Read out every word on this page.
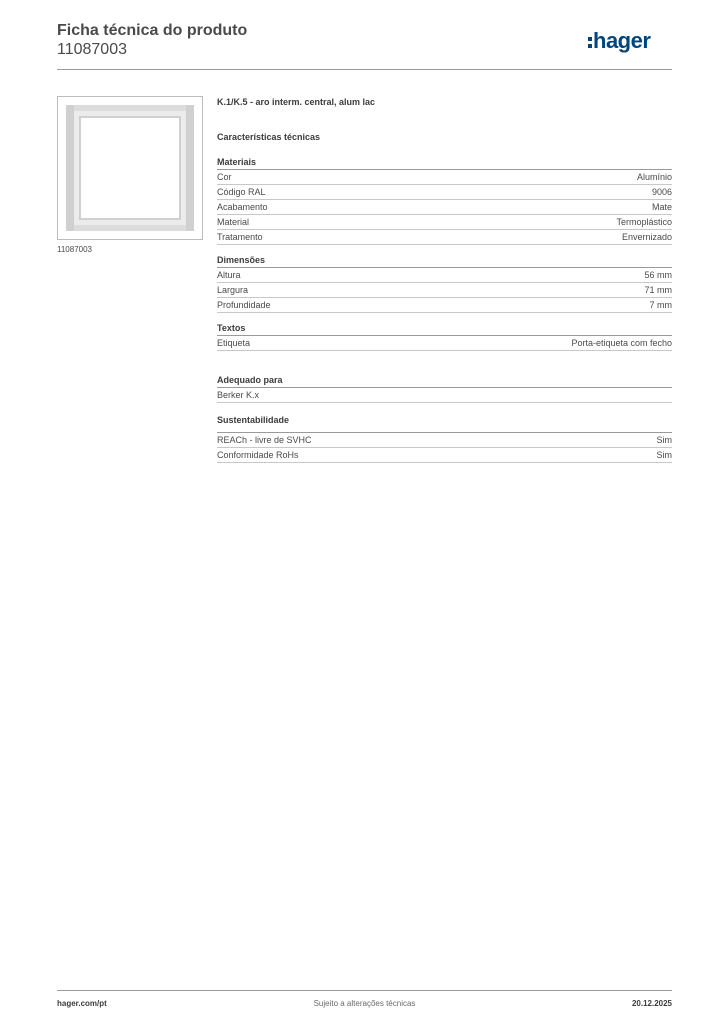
Ficha técnica do produto
11087003	hager
11087003
K.1/K.5 - aro interm. central, alum lac
Características técnicas
Materiais
Cor	Alumínio
Código RAL	9006
Acabamento	Mate
Material	Termoplástico
Tratamento	Envernizado
Dimensões
Altura	56 mm
Largura	71 mm
Profundidade	7 mm
Textos
Etiqueta	Porta-etiqueta com fecho
Adequado para
Berker K.x
Sustentabilidade
REACh - livre de SVHC	Sim
Conformidade RoHs	Sim
hager.com/pt	Sujeito a alterações técnicas	20.12.2025
